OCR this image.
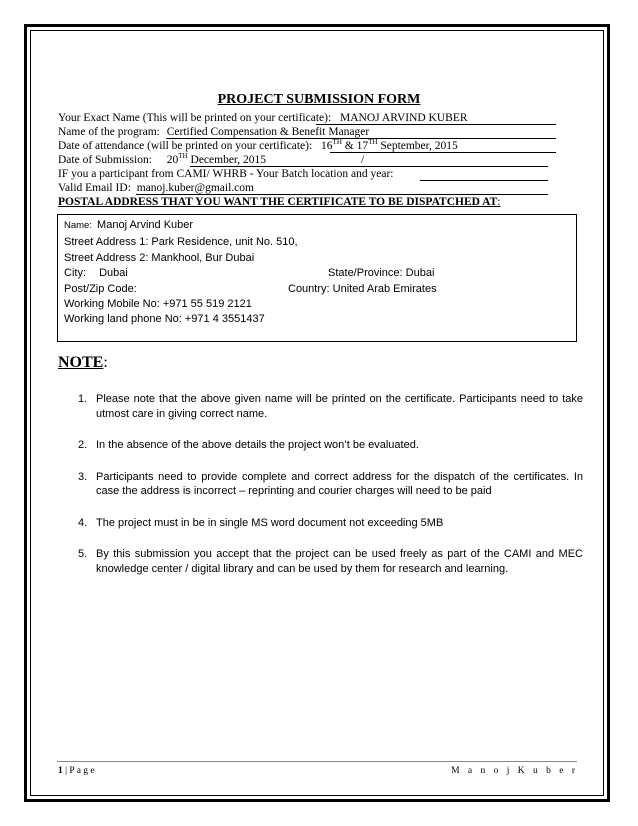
PROJECT SUBMISSION FORM
Your Exact Name (This will be printed on your certificate): MANOJ ARVIND KUBER
Name of the program: Certified Compensation & Benefit Manager
Date of attendance (will be printed on your certificate): 16TH & 17TH September, 2015
Date of Submission: 20TH December, 2015	/
IF you a participant from CAMI/ WHRB - Your Batch location and year:
Valid Email ID: manoj.kuber@gmail.com
POSTAL ADDRESS THAT YOU WANT THE CERTIFICATE TO BE DISPATCHED AT:
Name: Manoj Arvind Kuber
Street Address 1: Park Residence, unit No. 510,
Street Address 2: Mankhool, Bur Dubai
City: Dubai	State/Province: Dubai
Post/Zip Code:	Country: United Arab Emirates
Working Mobile No: +971 55 519 2121
Working land phone No: +971 4 3551437
NOTE:
1. Please note that the above given name will be printed on the certificate. Participants need to take utmost care in giving correct name.
2. In the absence of the above details the project won’t be evaluated.
3. Participants need to provide complete and correct address for the dispatch of the certificates. In case the address is incorrect – reprinting and courier charges will need to be paid
4. The project must in be in single MS word document not exceeding 5MB
5. By this submission you accept that the project can be used freely as part of the CAMI and MEC knowledge center / digital library and can be used by them for research and learning.
1 | P a g e	M a n o j K u b e r
